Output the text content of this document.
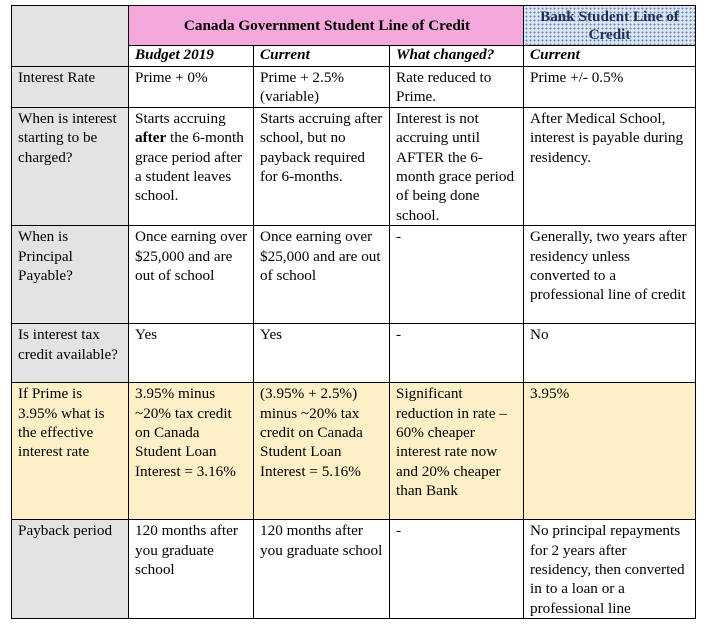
	Canada Government Student Line of Credit			Bank Student Line of Credit
	Budget 2019	Current	What changed?	Current
Interest Rate	Prime + 0%	Prime + 2.5% (variable)	Rate reduced to Prime.	Prime +/- 0.5%
When is interest starting to be charged?	Starts accruing after the 6-month grace period after a student leaves school.	Starts accruing after school, but no payback required for 6-months.	Interest is not accruing until AFTER the 6-month grace period of being done school.	After Medical School, interest is payable during residency.
When is Principal Payable?	Once earning over $25,000 and are out of school	Once earning over $25,000 and are out of school	-	Generally, two years after residency unless converted to a professional line of credit
Is interest tax credit available?	Yes	Yes	-	No
If Prime is 3.95% what is the effective interest rate	3.95% minus ~20% tax credit on Canada Student Loan Interest = 3.16%	(3.95% + 2.5%) minus ~20% tax credit on Canada Student Loan Interest = 5.16%	Significant reduction in rate – 60% cheaper interest rate now and 20% cheaper than Bank	3.95%
Payback period	120 months after you graduate school	120 months after you graduate school	-	No principal repayments for 2 years after residency, then converted in to a loan or a professional line
